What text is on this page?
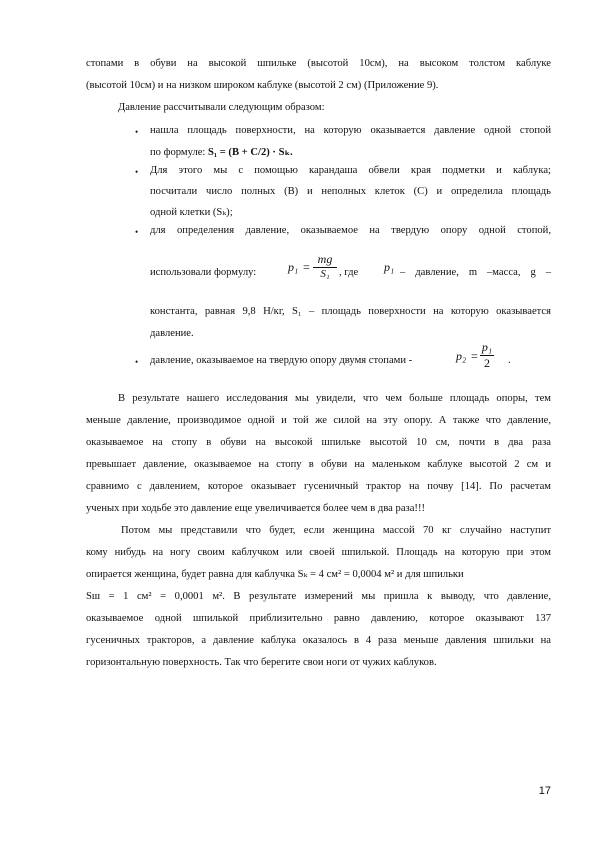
стопами в обуви на высокой шпильке (высотой 10см), на высоком толстом каблуке
(высотой 10см) и на низком широком каблуке (высотой 2 см) (Приложение 9).
Давление рассчитывали следующим образом:
• нашла площадь поверхности, на которую оказывается давление одной стопой
по формуле: S₁ = (B + C/2) · Sₖ.
• Для этого мы с помощью карандаша обвели края подметки и каблука;
посчитали число полных (B) и неполных клеток (C) и определила площадь
одной клетки (Sₖ);
• для определения давление, оказываемое на твердую опору одной стопой,
использовали формулу:	p₁ =
mg
S₁ , где	p₁ – давление, m –масса, g –
константа, равная 9,8 Н/кг, S₁ – площадь поверхности на которую оказывается
давление.
• давление, оказываемое на твердую опору двумя стопами -	p₂ =
p₁
2	.
В результате нашего исследования мы увидели, что чем больше площадь опоры, тем
меньше давление, производимое одной и той же силой на эту опору. А также что давление,
оказываемое на стопу в обуви на высокой шпильке высотой 10 см, почти в два раза
превышает давление, оказываемое на стопу в обуви на маленьком каблуке высотой 2 см и
сравнимо с давлением, которое оказывает гусеничный трактор на почву [14]. По расчетам
ученых при ходьбе это давление еще увеличивается более чем в два раза!!!
Потом мы представили что будет, если женщина массой 70 кг случайно наступит
кому нибудь на ногу своим каблучком или своей шпилькой. Площадь на которую при этом
опирается женщина, будет равна для каблучка Sₖ = 4 см² = 0,0004 м² и для шпильки
Sш = 1 см² = 0,0001 м². В результате измерений мы пришла к выводу, что давление,
оказываемое одной шпилькой приблизительно равно давлению, которое оказывают 137
гусеничных тракторов, а давление каблука оказалось в 4 раза меньше давления шпильки на
горизонтальную поверхность. Так что берегите свои ноги от чужих каблуков.
17
